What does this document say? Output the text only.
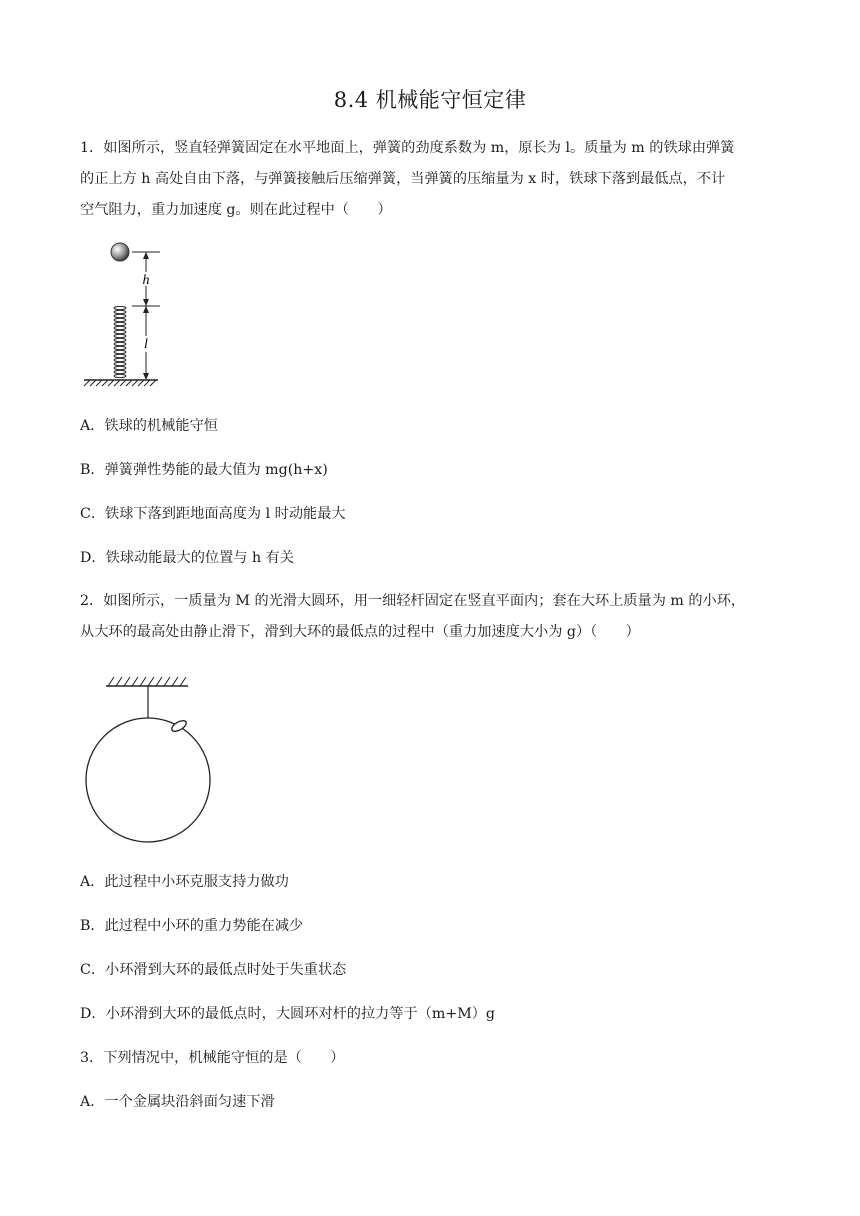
8.4 机械能守恒定律
1．如图所示，竖直轻弹簧固定在水平地面上，弹簧的劲度系数为 m，原长为 l。质量为 m 的铁球由弹簧
的正上方 h 高处自由下落，与弹簧接触后压缩弹簧，当弹簧的压缩量为 x 时，铁球下落到最低点，不计
空气阻力，重力加速度 g。则在此过程中（　　）
h
l
A．铁球的机械能守恒
B．弹簧弹性势能的最大值为 mg(h+x)
C．铁球下落到距地面高度为 l 时动能最大
D．铁球动能最大的位置与 h 有关
2．如图所示，一质量为 M 的光滑大圆环，用一细轻杆固定在竖直平面内；套在大环上质量为 m 的小环，
从大环的最高处由静止滑下，滑到大环的最低点的过程中（重力加速度大小为 g）（　　）
A．此过程中小环克服支持力做功
B．此过程中小环的重力势能在减少
C．小环滑到大环的最低点时处于失重状态
D．小环滑到大环的最低点时，大圆环对杆的拉力等于（m+M）g
3．下列情况中，机械能守恒的是（　　）
A．一个金属块沿斜面匀速下滑
